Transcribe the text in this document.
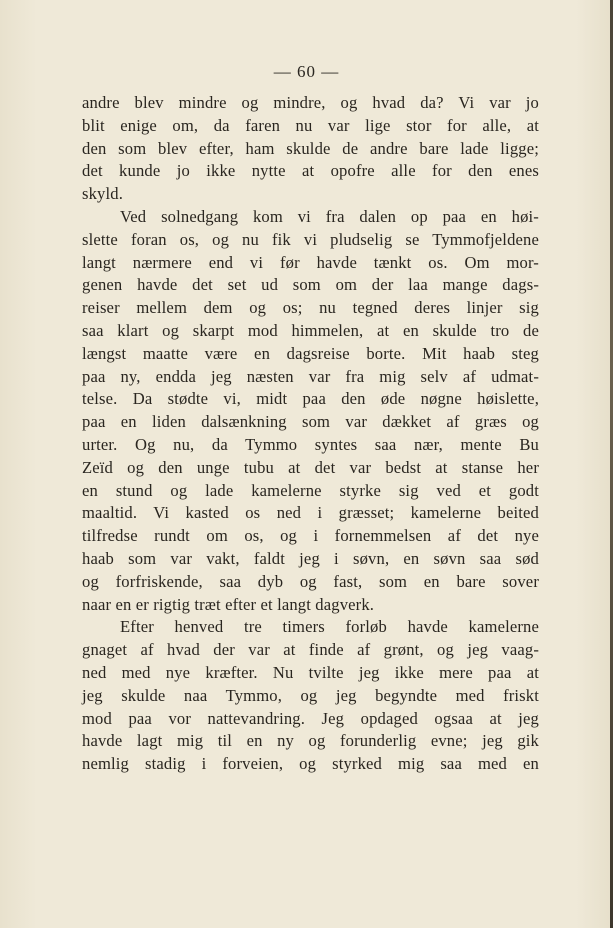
— 60 —
andre blev mindre og mindre, og hvad da? Vi var jo
blit enige om, da faren nu var lige stor for alle, at
den som blev efter, ham skulde de andre bare lade ligge;
det kunde jo ikke nytte at opofre alle for den enes
skyld.
Ved solnedgang kom vi fra dalen op paa en høi-
slette foran os, og nu fik vi pludselig se Tymmofjeldene
langt nærmere end vi før havde tænkt os. Om mor-
genen havde det set ud som om der laa mange dags-
reiser mellem dem og os; nu tegned deres linjer sig
saa klart og skarpt mod himmelen, at en skulde tro de
længst maatte være en dagsreise borte. Mit haab steg
paa ny, endda jeg næsten var fra mig selv af udmat-
telse. Da stødte vi, midt paa den øde nøgne høislette,
paa en liden dalsænkning som var dækket af græs og
urter. Og nu, da Tymmo syntes saa nær, mente Bu
Zeïd og den unge tubu at det var bedst at stanse her
en stund og lade kamelerne styrke sig ved et godt
maaltid. Vi kasted os ned i græsset; kamelerne beited
tilfredse rundt om os, og i fornemmelsen af det nye
haab som var vakt, faldt jeg i søvn, en søvn saa sød
og forfriskende, saa dyb og fast, som en bare sover
naar en er rigtig træt efter et langt dagverk.
Efter henved tre timers forløb havde kamelerne
gnaget af hvad der var at finde af grønt, og jeg vaag-
ned med nye kræfter. Nu tvilte jeg ikke mere paa at
jeg skulde naa Tymmo, og jeg begyndte med friskt
mod paa vor nattevandring. Jeg opdaged ogsaa at jeg
havde lagt mig til en ny og forunderlig evne; jeg gik
nemlig stadig i forveien, og styrked mig saa med en
